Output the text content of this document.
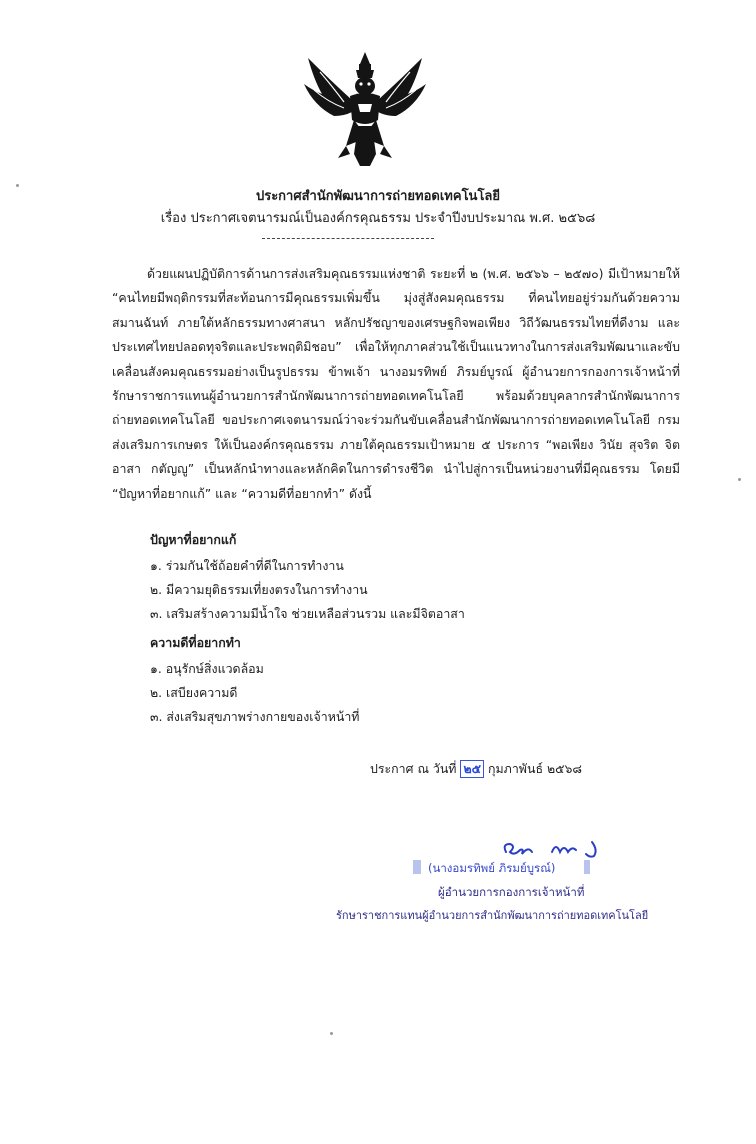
ประกาศสำนักพัฒนาการถ่ายทอดเทคโนโลยี
เรื่อง ประกาศเจตนารมณ์เป็นองค์กรคุณธรรม ประจำปีงบประมาณ พ.ศ. ๒๕๖๘
ด้วยแผนปฏิบัติการด้านการส่งเสริมคุณธรรมแห่งชาติ ระยะที่ ๒ (พ.ศ. ๒๕๖๖ – ๒๕๗๐) มีเป้าหมายให้ “คนไทยมีพฤติกรรมที่สะท้อนการมีคุณธรรมเพิ่มขึ้น มุ่งสู่สังคมคุณธรรม ที่คนไทยอยู่ร่วมกันด้วยความสมานฉันท์ ภายใต้หลักธรรมทางศาสนา หลักปรัชญาของเศรษฐกิจพอเพียง วิถีวัฒนธรรมไทยที่ดีงาม และประเทศไทยปลอดทุจริตและประพฤติมิชอบ” เพื่อให้ทุกภาคส่วนใช้เป็นแนวทางในการส่งเสริมพัฒนาและขับเคลื่อนสังคมคุณธรรมอย่างเป็นรูปธรรม ข้าพเจ้า นางอมรทิพย์ ภิรมย์บูรณ์ ผู้อำนวยการกองการเจ้าหน้าที่ รักษาราชการแทนผู้อำนวยการสำนักพัฒนาการถ่ายทอดเทคโนโลยี พร้อมด้วยบุคลากรสำนักพัฒนาการถ่ายทอดเทคโนโลยี ขอประกาศเจตนารมณ์ว่าจะร่วมกันขับเคลื่อนสำนักพัฒนาการถ่ายทอดเทคโนโลยี กรมส่งเสริมการเกษตร ให้เป็นองค์กรคุณธรรม ภายใต้คุณธรรมเป้าหมาย ๕ ประการ “พอเพียง วินัย สุจริต จิตอาสา กตัญญู” เป็นหลักนำทางและหลักคิดในการดำรงชีวิต นำไปสู่การเป็นหน่วยงานที่มีคุณธรรม โดยมี “ปัญหาที่อยากแก้” และ “ความดีที่อยากทำ” ดังนี้
ปัญหาที่อยากแก้
๑. ร่วมกันใช้ถ้อยคำที่ดีในการทำงาน
๒. มีความยุติธรรมเที่ยงตรงในการทำงาน
๓. เสริมสร้างความมีน้ำใจ ช่วยเหลือส่วนรวม และมีจิตอาสา
ความดีที่อยากทำ
๑. อนุรักษ์สิ่งแวดล้อม
๒. เสบียงความดี
๓. ส่งเสริมสุขภาพร่างกายของเจ้าหน้าที่
ประกาศ ณ วันที่ ๒๕ กุมภาพันธ์ ๒๕๖๘
(นางอมรทิพย์ ภิรมย์บูรณ์)
ผู้อำนวยการกองการเจ้าหน้าที่
รักษาราชการแทนผู้อำนวยการสำนักพัฒนาการถ่ายทอดเทคโนโลยี
